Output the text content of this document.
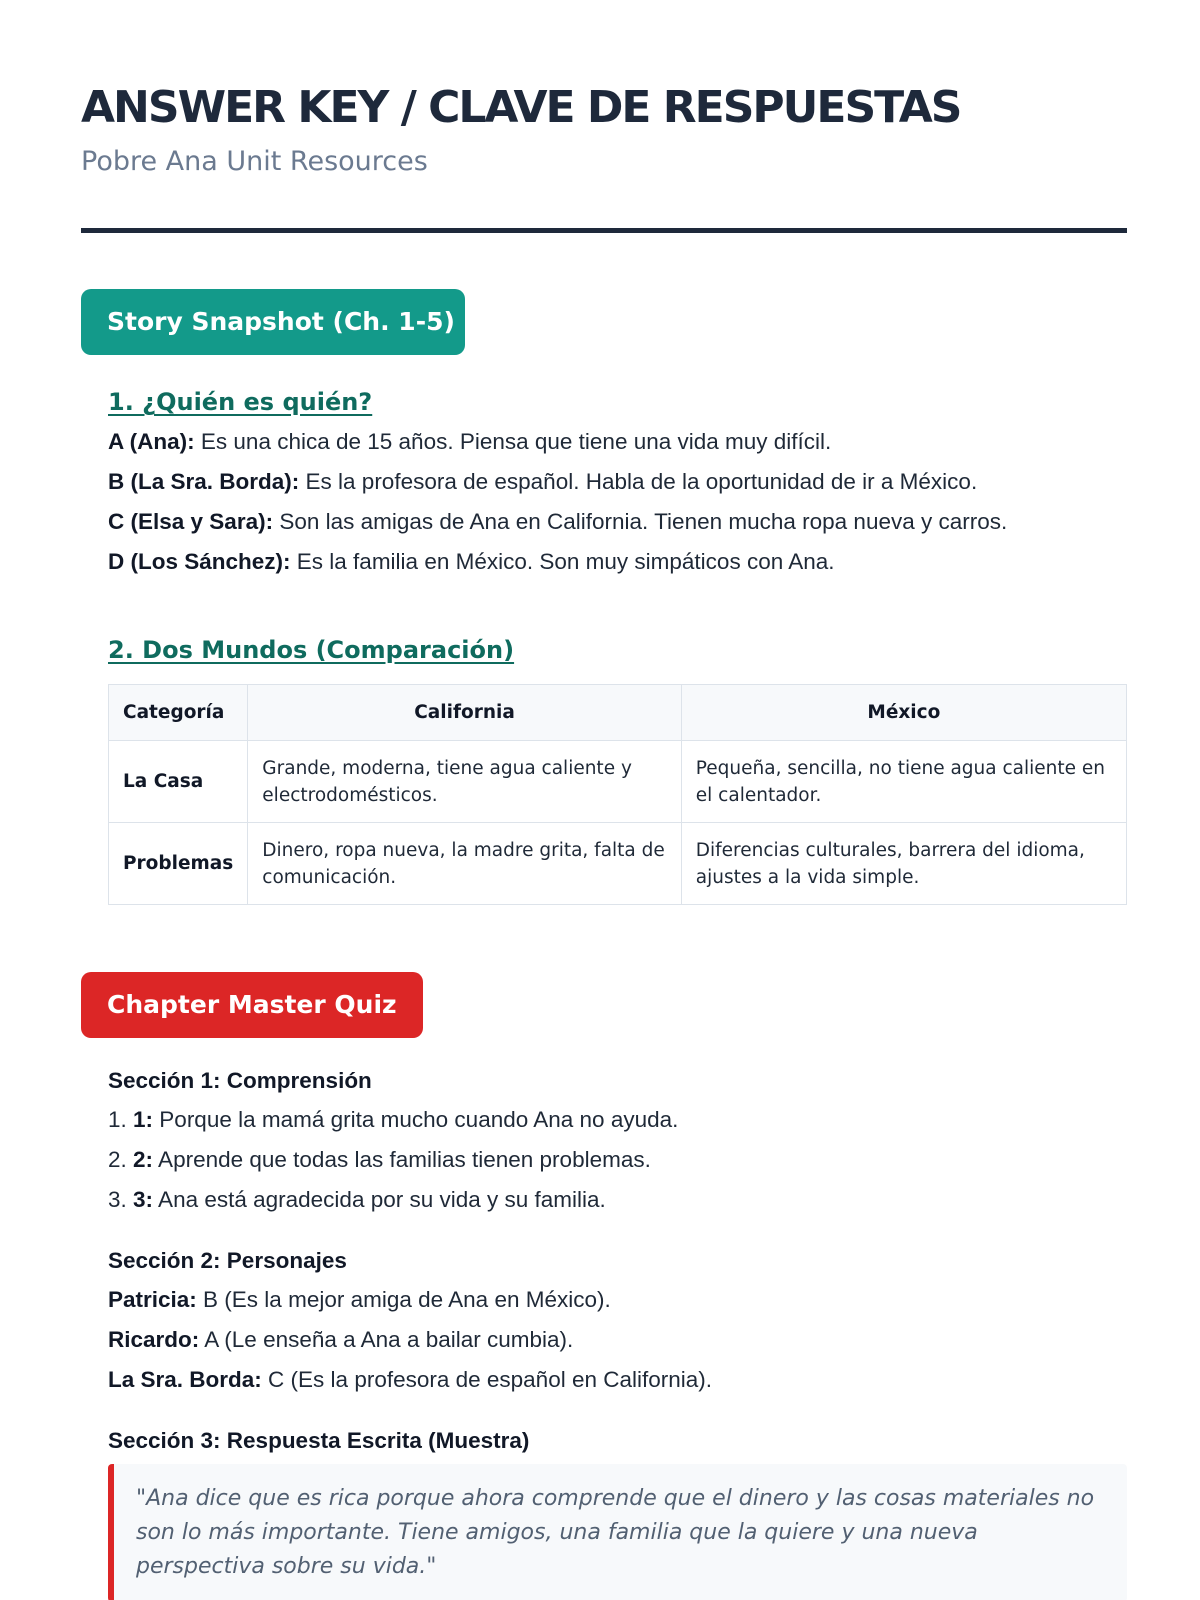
ANSWER KEY / CLAVE DE RESPUESTAS
Pobre Ana Unit Resources
Story Snapshot (Ch. 1-5)
1. ¿Quién es quién?
A (Ana): Es una chica de 15 años. Piensa que tiene una vida muy difícil.
B (La Sra. Borda): Es la profesora de español. Habla de la oportunidad de ir a México.
C (Elsa y Sara): Son las amigas de Ana en California. Tienen mucha ropa nueva y carros.
D (Los Sánchez): Es la familia en México. Son muy simpáticos con Ana.
2. Dos Mundos (Comparación)
Categoría	California	México
La Casa	Grande, moderna, tiene agua caliente y electrodomésticos.	Pequeña, sencilla, no tiene agua caliente en el calentador.
Problemas	Dinero, ropa nueva, la madre grita, falta de comunicación.	Diferencias culturales, barrera del idioma, ajustes a la vida simple.
Chapter Master Quiz
Sección 1: Comprensión
1. 1: Porque la mamá grita mucho cuando Ana no ayuda.
2. 2: Aprende que todas las familias tienen problemas.
3. 3: Ana está agradecida por su vida y su familia.
Sección 2: Personajes
Patricia: B (Es la mejor amiga de Ana en México).
Ricardo: A (Le enseña a Ana a bailar cumbia).
La Sra. Borda: C (Es la profesora de español en California).
Sección 3: Respuesta Escrita (Muestra)

"Ana dice que es rica porque ahora comprende que el dinero y las cosas materiales no son lo más importante. Tiene amigos, una familia que la quiere y una nueva perspectiva sobre su vida."
